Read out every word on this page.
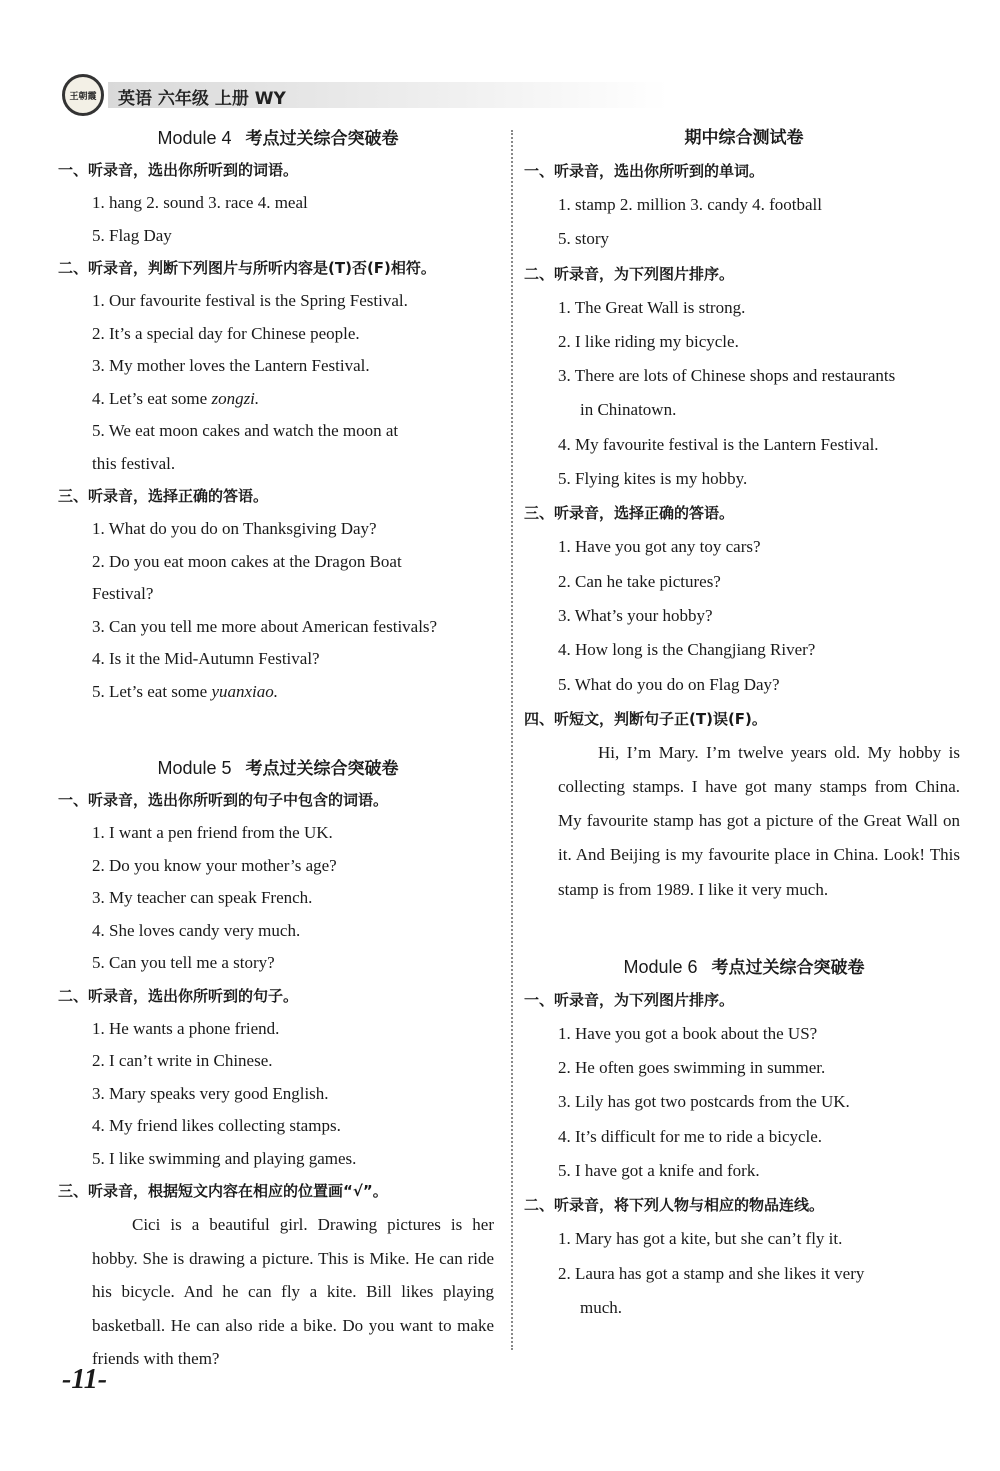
王朝霞	英语 六年级 上册 WY
Module 4 考点过关综合突破卷
一、听录音，选出你所听到的词语。
1. hang 2. sound 3. race 4. meal
5. Flag Day
二、听录音，判断下列图片与所听内容是(T)否(F)相符。
1. Our favourite festival is the Spring Festival.
2. It’s a special day for Chinese people.
3. My mother loves the Lantern Festival.
4. Let’s eat some zongzi.
5. We eat moon cakes and watch the moon at
this festival.
三、听录音，选择正确的答语。
1. What do you do on Thanksgiving Day?
2. Do you eat moon cakes at the Dragon Boat
Festival?
3. Can you tell me more about American festivals?
4. Is it the Mid-Autumn Festival?
5. Let’s eat some yuanxiao.
Module 5 考点过关综合突破卷
一、听录音，选出你所听到的句子中包含的词语。
1. I want a pen friend from the UK.
2. Do you know your mother’s age?
3. My teacher can speak French.
4. She loves candy very much.
5. Can you tell me a story?
二、听录音，选出你所听到的句子。
1. He wants a phone friend.
2. I can’t write in Chinese.
3. Mary speaks very good English.
4. My friend likes collecting stamps.
5. I like swimming and playing games.
三、听录音，根据短文内容在相应的位置画“√”。
Cici is a beautiful girl. Drawing pictures is her hobby. She is drawing a picture. This is Mike. He can ride his bicycle. And he can fly a kite. Bill likes playing basketball. He can also ride a bike. Do you want to make friends with them?
期中综合测试卷
一、听录音，选出你所听到的单词。
1. stamp 2. million 3. candy 4. football
5. story
二、听录音，为下列图片排序。
1. The Great Wall is strong.
2. I like riding my bicycle.
3. There are lots of Chinese shops and restaurants
in Chinatown.
4. My favourite festival is the Lantern Festival.
5. Flying kites is my hobby.
三、听录音，选择正确的答语。
1. Have you got any toy cars?
2. Can he take pictures?
3. What’s your hobby?
4. How long is the Changjiang River?
5. What do you do on Flag Day?
四、听短文，判断句子正(T)误(F)。
Hi, I’m Mary. I’m twelve years old. My hobby is collecting stamps. I have got many stamps from China. My favourite stamp has got a picture of the Great Wall on it. And Beijing is my favourite place in China. Look! This stamp is from 1989. I like it very much.
Module 6 考点过关综合突破卷
一、听录音，为下列图片排序。
1. Have you got a book about the US?
2. He often goes swimming in summer.
3. Lily has got two postcards from the UK.
4. It’s difficult for me to ride a bicycle.
5. I have got a knife and fork.
二、听录音，将下列人物与相应的物品连线。
1. Mary has got a kite, but she can’t fly it.
2. Laura has got a stamp and she likes it very
much.
-11-
